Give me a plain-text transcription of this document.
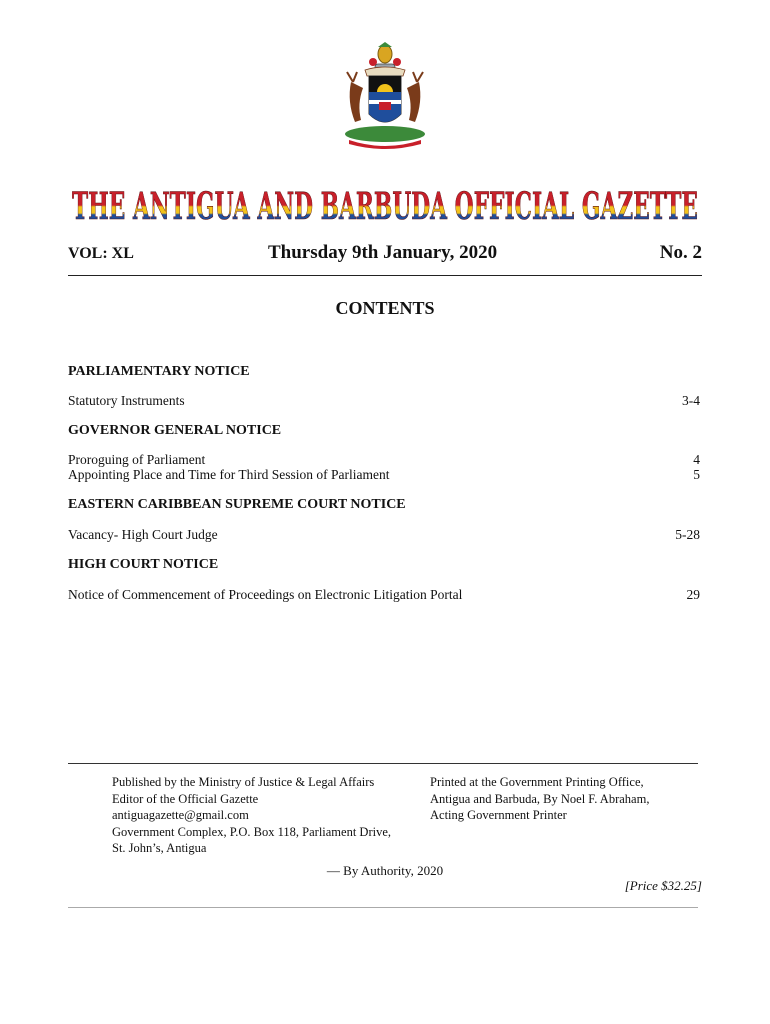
THE ANTIGUA AND BARBUDA OFFICIAL GAZETTE
VOL: XL	Thursday 9th January, 2020	No. 2
CONTENTS
PARLIAMENTARY NOTICE
Statutory Instruments	3-4
GOVERNOR GENERAL NOTICE
Proroguing of Parliament	4
Appointing Place and Time for Third Session of Parliament	5
EASTERN CARIBBEAN SUPREME COURT NOTICE
Vacancy- High Court Judge	5-28
HIGH COURT NOTICE
Notice of Commencement of Proceedings on Electronic Litigation Portal	29
Published by the Ministry of Justice & Legal Affairs
Editor of the Official Gazette
antiguagazette@gmail.com
Government Complex, P.O. Box 118, Parliament Drive,
St. John’s, Antigua
Printed at the Government Printing Office,
Antigua and Barbuda, By Noel F. Abraham,
Acting Government Printer
— By Authority, 2020
[Price $32.25]
